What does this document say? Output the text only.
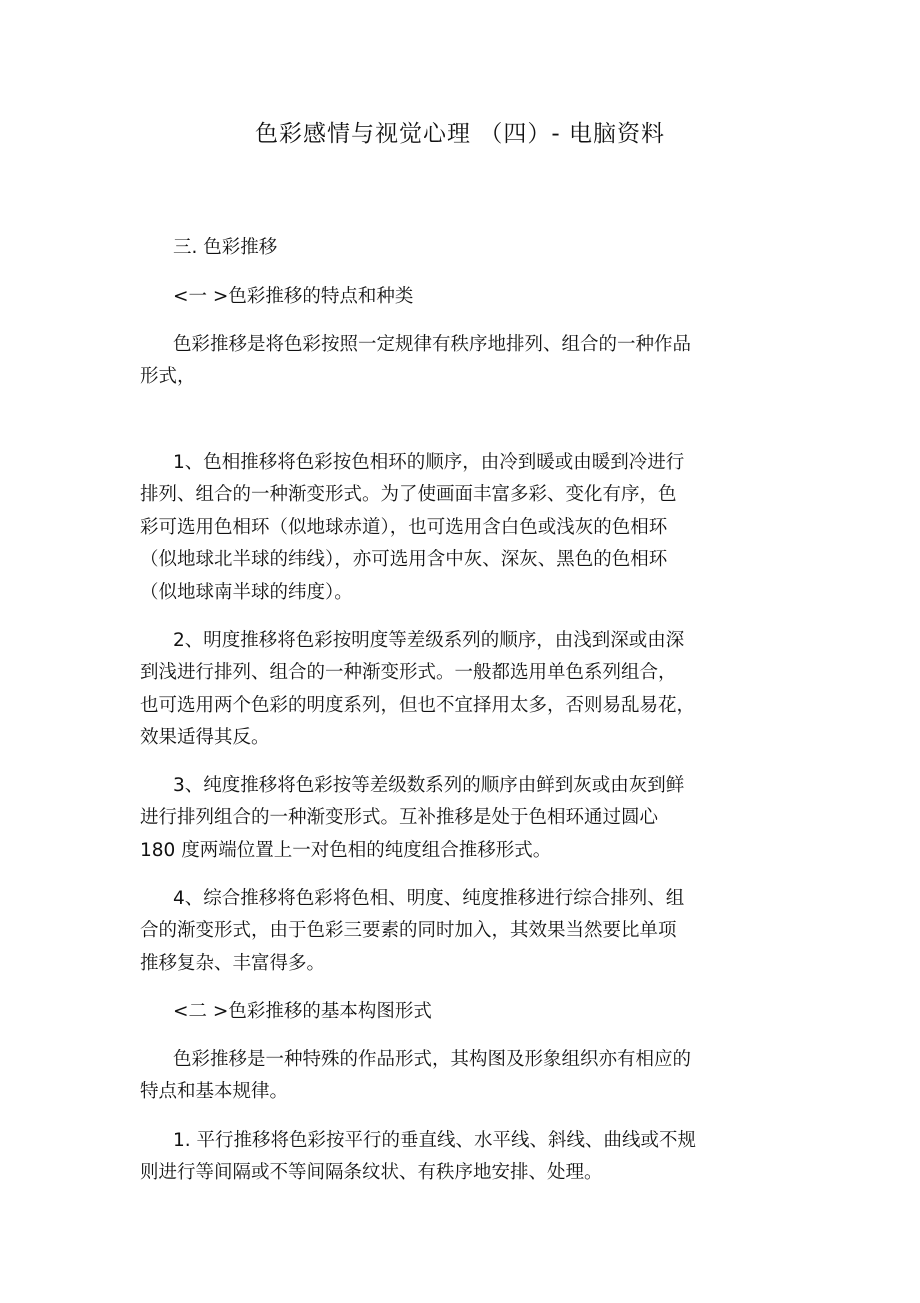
色彩感情与视觉心理 （四）- 电脑资料
三. 色彩推移
<一 >色彩推移的特点和种类
色彩推移是将色彩按照一定规律有秩序地排列、组合的一种作品
形式，
1、色相推移将色彩按色相环的顺序，由冷到暖或由暖到冷进行
排列、组合的一种渐变形式。为了使画面丰富多彩、变化有序，色
彩可选用色相环（似地球赤道），也可选用含白色或浅灰的色相环
（似地球北半球的纬线），亦可选用含中灰、深灰、黑色的色相环
（似地球南半球的纬度）。
2、明度推移将色彩按明度等差级系列的顺序，由浅到深或由深
到浅进行排列、组合的一种渐变形式。一般都选用单色系列组合，
也可选用两个色彩的明度系列，但也不宜择用太多，否则易乱易花，
效果适得其反。
3、纯度推移将色彩按等差级数系列的顺序由鲜到灰或由灰到鲜
进行排列组合的一种渐变形式。互补推移是处于色相环通过圆心
180 度两端位置上一对色相的纯度组合推移形式。
4、综合推移将色彩将色相、明度、纯度推移进行综合排列、组
合的渐变形式，由于色彩三要素的同时加入，其效果当然要比单项
推移复杂、丰富得多。
<二 >色彩推移的基本构图形式
色彩推移是一种特殊的作品形式，其构图及形象组织亦有相应的
特点和基本规律。
1. 平行推移将色彩按平行的垂直线、水平线、斜线、曲线或不规
则进行等间隔或不等间隔条纹状、有秩序地安排、处理。
